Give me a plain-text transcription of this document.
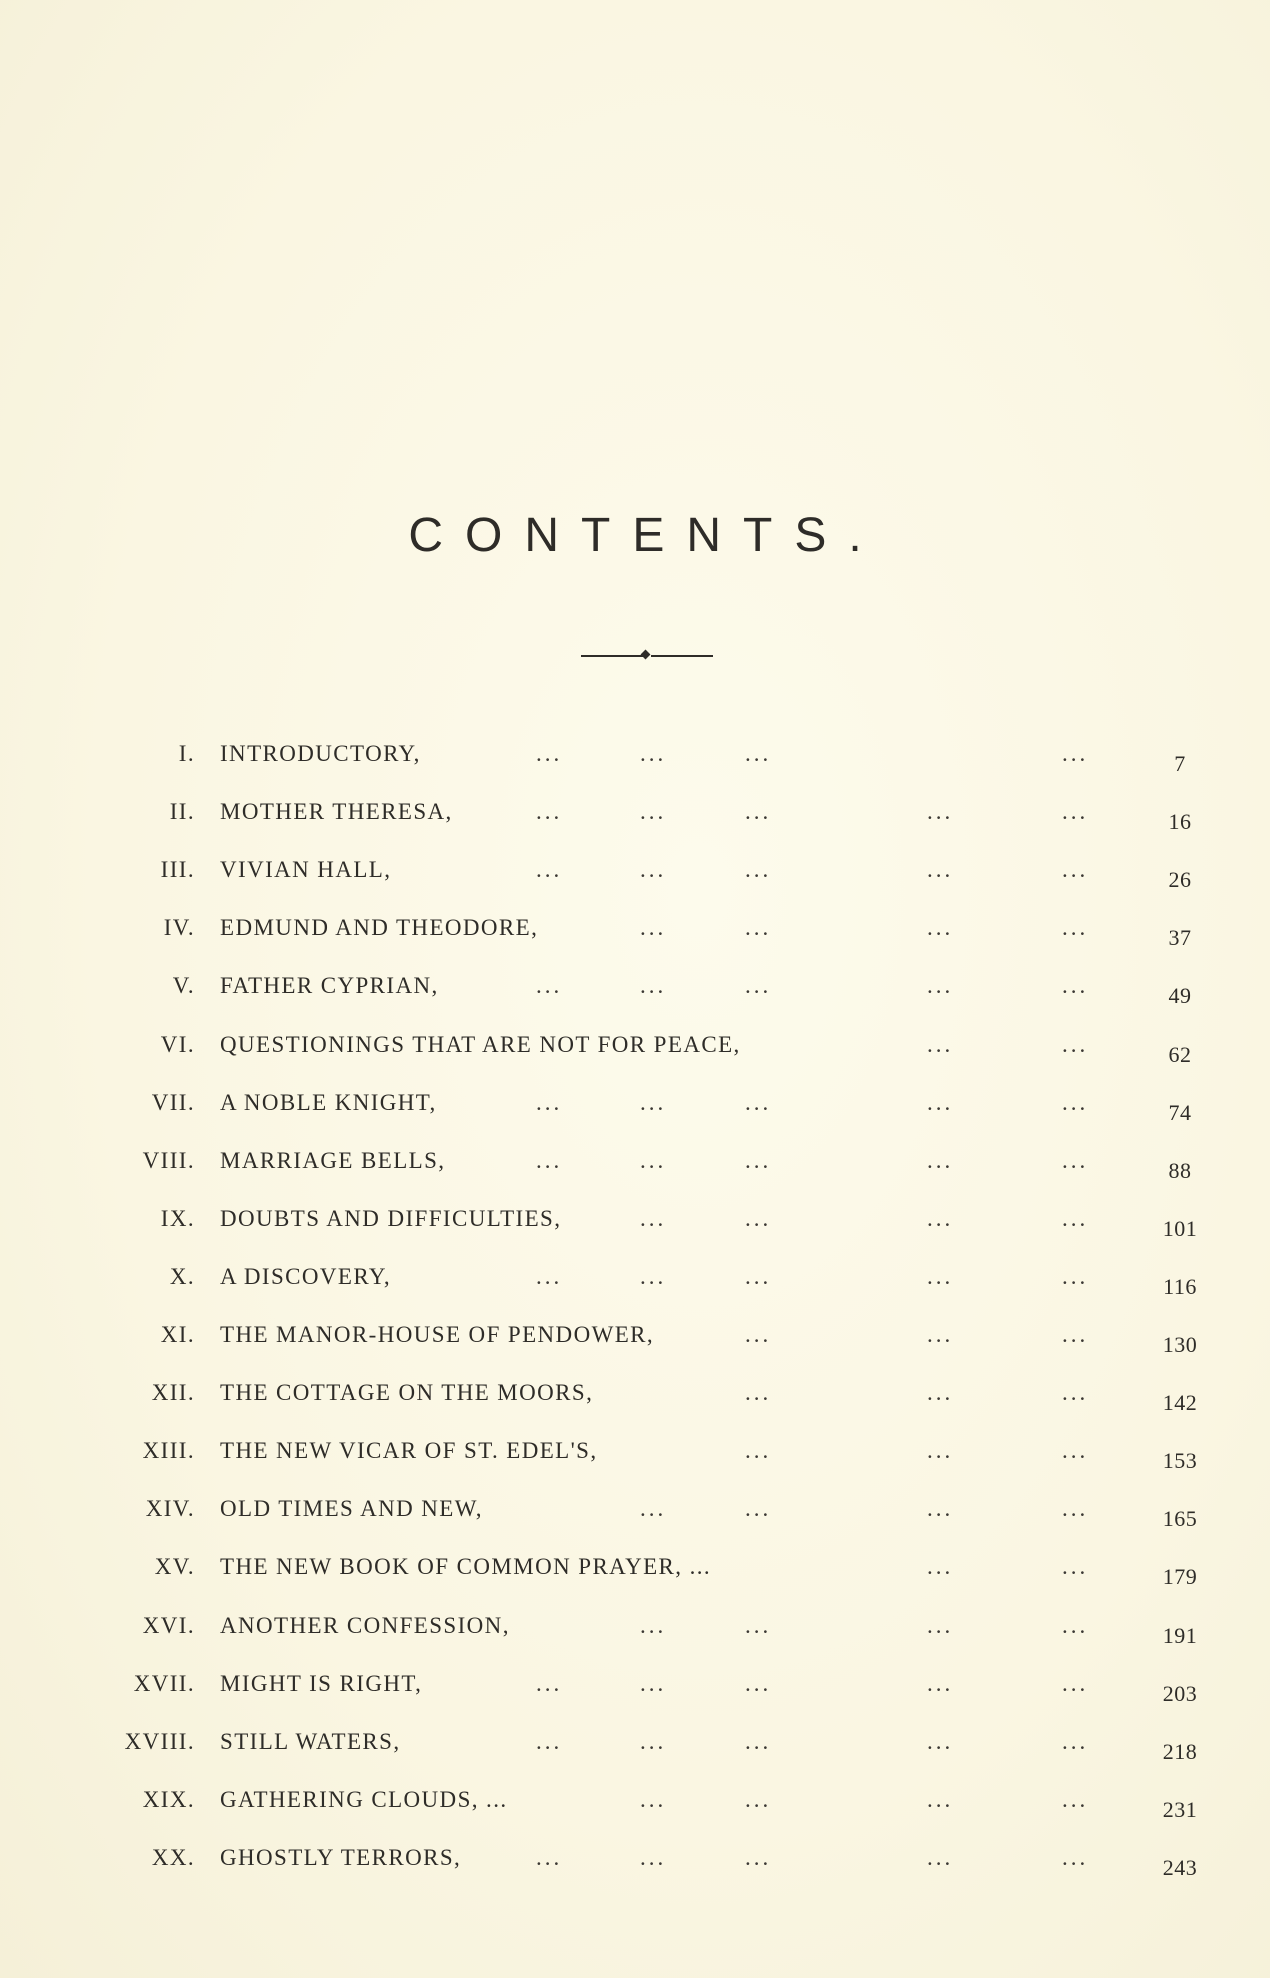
CONTENTS.
I. INTRODUCTORY,	...	...	...	...	7
II. MOTHER THERESA,	...	...	...	...	...	16
III. VIVIAN HALL,	...	...	...	...	...	26
IV. EDMUND AND THEODORE,	...	...	...	...	37
V. FATHER CYPRIAN,	...	...	...	...	...	49
VI. QUESTIONINGS THAT ARE NOT FOR PEACE,	...	...	62
VII. A NOBLE KNIGHT,	...	...	...	...	...	74
VIII. MARRIAGE BELLS,	...	...	...	...	...	88
IX. DOUBTS AND DIFFICULTIES,	...	...	...	...	101
X. A DISCOVERY,	...	...	...	...	...	116
XI. THE MANOR-HOUSE OF PENDOWER,	...	...	...	130
XII. THE COTTAGE ON THE MOORS,	...	...	...	142
XIII. THE NEW VICAR OF ST. EDEL'S,	...	...	...	153
XIV. OLD TIMES AND NEW,	...	...	...	...	165
XV. THE NEW BOOK OF COMMON PRAYER, ...	...	...	179
XVI. ANOTHER CONFESSION,	...	...	...	...	191
XVII. MIGHT IS RIGHT,	...	...	...	...	...	203
XVIII. STILL WATERS,	...	...	...	...	...	218
XIX. GATHERING CLOUDS, ...	...	...	...	...	231
XX. GHOSTLY TERRORS,	...	...	...	...	...	243
